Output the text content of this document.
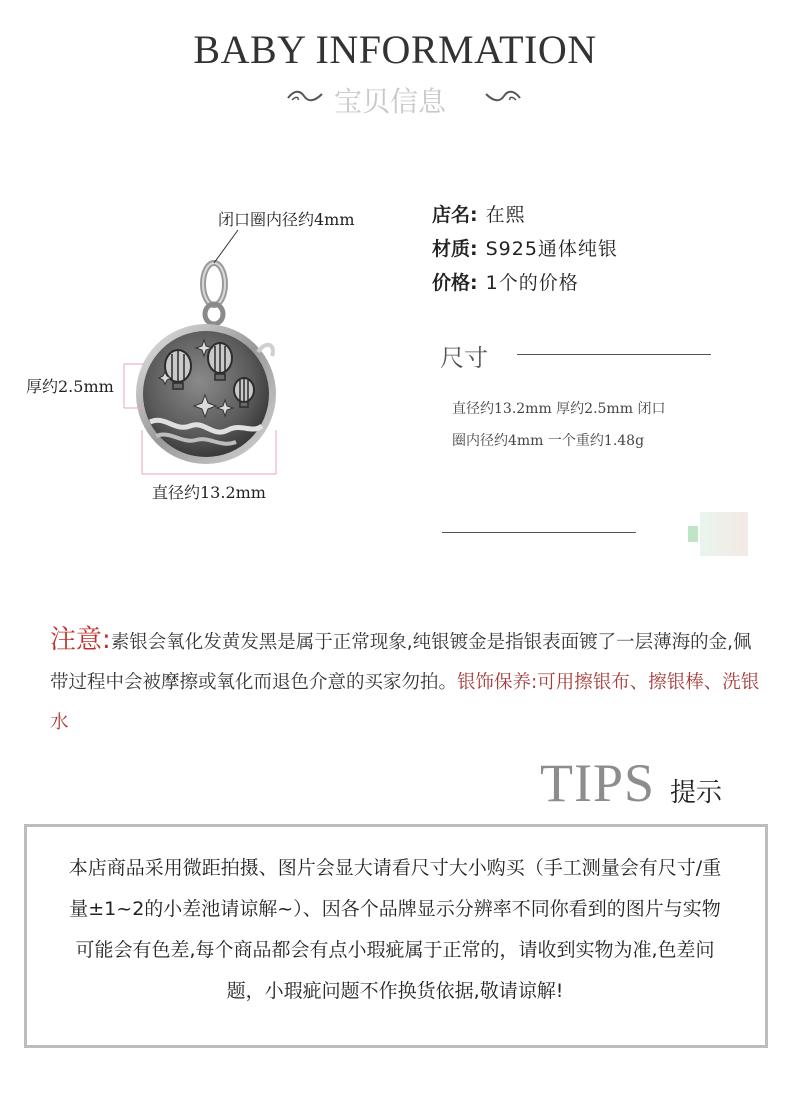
BABY INFORMATION
宝贝信息
闭口圈内径约4mm
厚约2.5mm
直径约13.2mm
店名: 在熙
材质: S925通体纯银
价格: 1个的价格
尺寸
直径约13.2mm 厚约2.5mm 闭口
圈内径约4mm 一个重约1.48g
注意:素银会氧化发黄发黑是属于正常现象,纯银镀金是指银表面镀了一层薄海的金,佩带过程中会被摩擦或氧化而退色介意的买家勿拍。银饰保养:可用擦银布、擦银棒、洗银水
TIPS 提示
本店商品采用微距拍摄、图片会显大请看尺寸大小购买（手工测量会有尺寸/重量±1~2的小差池请谅解~）、因各个品牌显示分辨率不同你看到的图片与实物可能会有色差,每个商品都会有点小瑕疵属于正常的，请收到实物为准,色差问题，小瑕疵问题不作换货依据,敬请谅解!
